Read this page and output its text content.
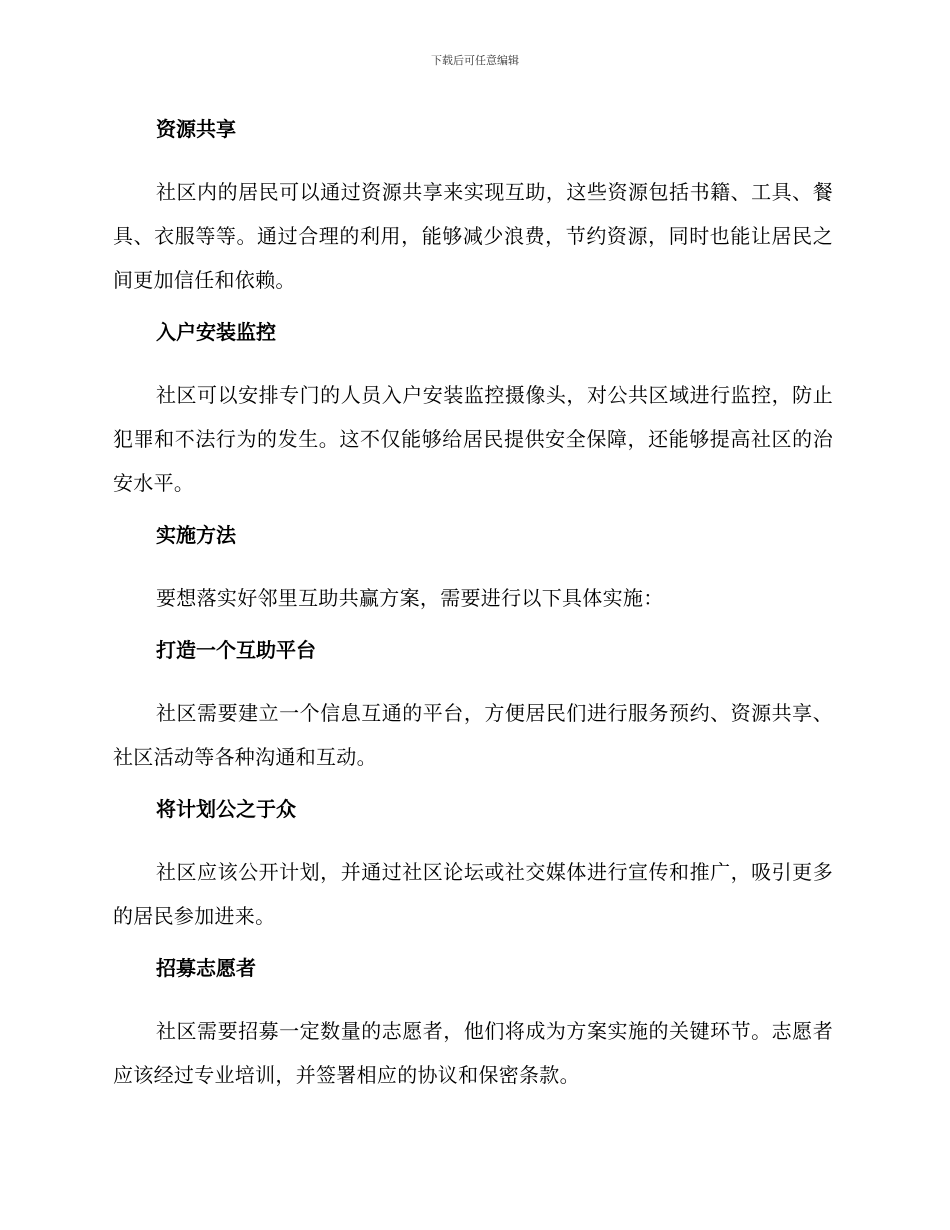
下载后可任意编辑
资源共享

社区内的居民可以通过资源共享来实现互助，这些资源包括书籍、工具、餐具、衣服等等。通过合理的利用，能够减少浪费，节约资源，同时也能让居民之间更加信任和依赖。

入户安装监控

社区可以安排专门的人员入户安装监控摄像头，对公共区域进行监控，防止犯罪和不法行为的发生。这不仅能够给居民提供安全保障，还能够提高社区的治安水平。

实施方法

要想落实好邻里互助共赢方案，需要进行以下具体实施：

打造一个互助平台

社区需要建立一个信息互通的平台，方便居民们进行服务预约、资源共享、社区活动等各种沟通和互动。

将计划公之于众

社区应该公开计划，并通过社区论坛或社交媒体进行宣传和推广，吸引更多的居民参加进来。

招募志愿者

社区需要招募一定数量的志愿者，他们将成为方案实施的关键环节。志愿者应该经过专业培训，并签署相应的协议和保密条款。
